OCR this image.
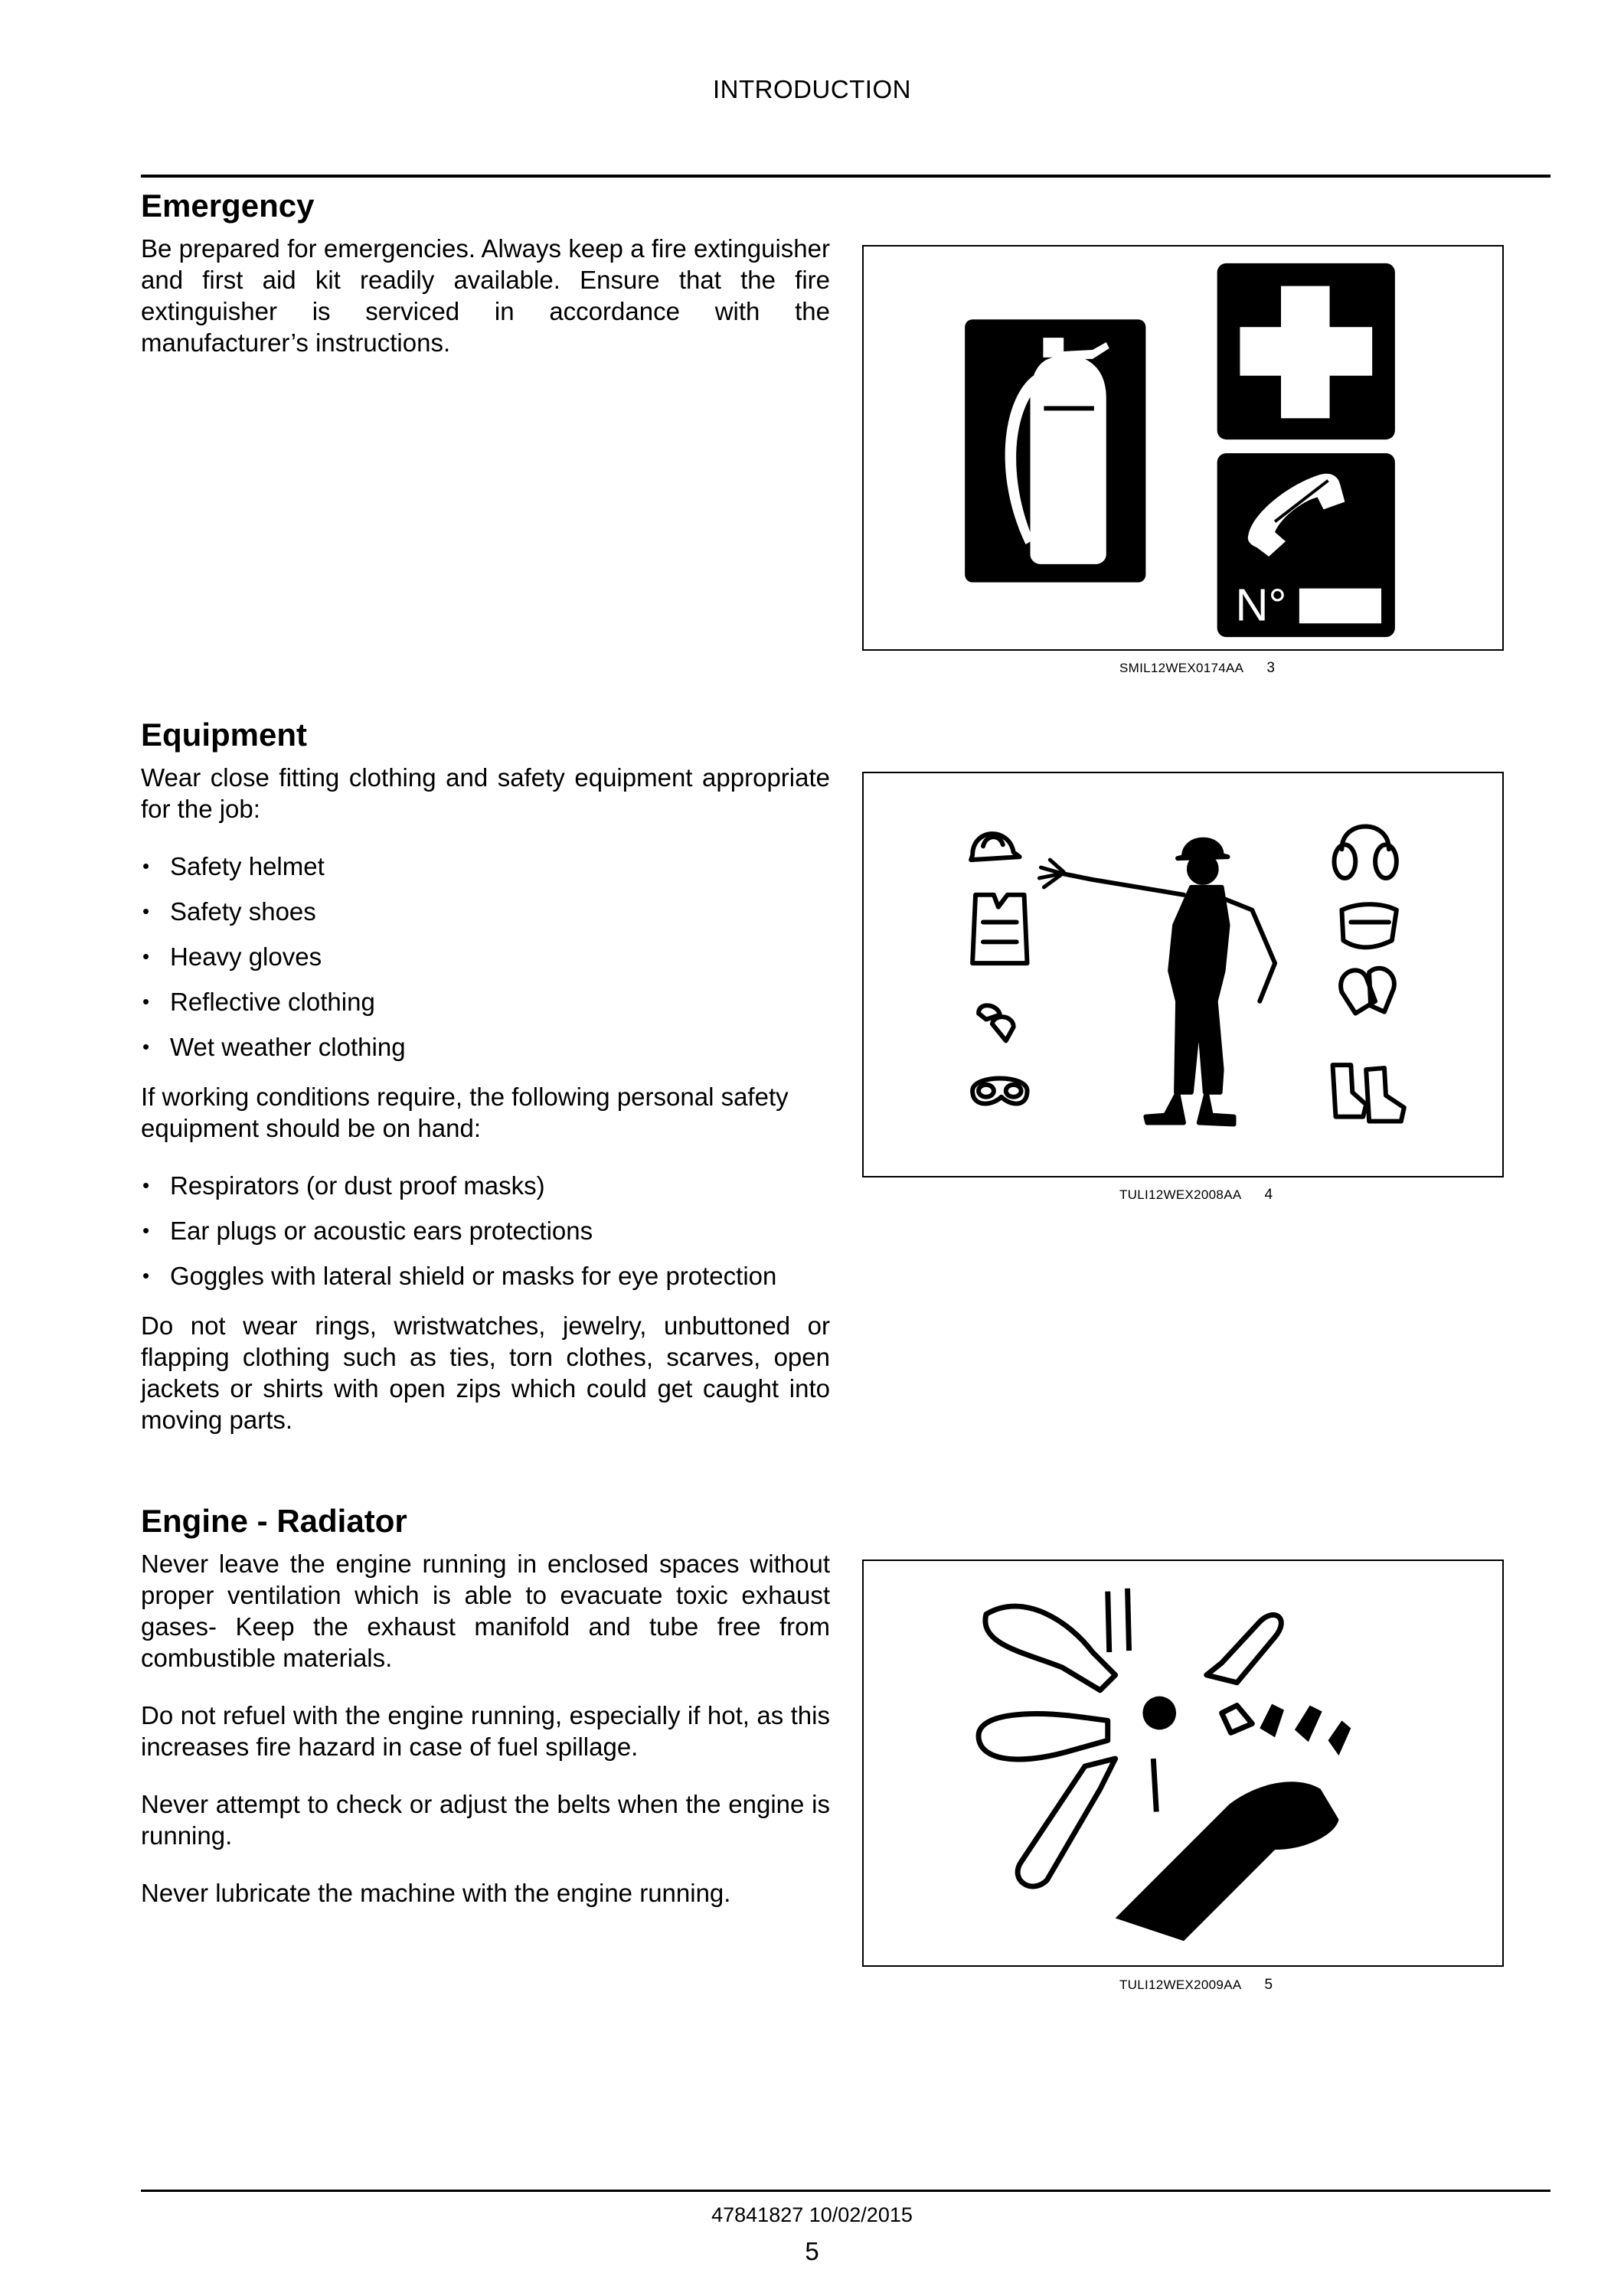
INTRODUCTION
Emergency

Be prepared for emergencies. Always keep a fire extinguisher and first aid kit readily available. Ensure that the fire extinguisher is serviced in accordance with the manufacturer’s instructions.

N°
SMIL12WEX0174AA 3
Equipment

Wear close fitting clothing and safety equipment appropriate for the job:

• Safety helmet
• Safety shoes
• Heavy gloves
• Reflective clothing
• Wet weather clothing

If working conditions require, the following personal safety equipment should be on hand:

• Respirators (or dust proof masks)
• Ear plugs or acoustic ears protections
• Goggles with lateral shield or masks for eye protection

Do not wear rings, wristwatches, jewelry, unbuttoned or flapping clothing such as ties, torn clothes, scarves, open jackets or shirts with open zips which could get caught into moving parts.

TULI12WEX2008AA 4
Engine - Radiator

Never leave the engine running in enclosed spaces without proper ventilation which is able to evacuate toxic exhaust gases- Keep the exhaust manifold and tube free from combustible materials.

Do not refuel with the engine running, especially if hot, as this increases fire hazard in case of fuel spillage.

Never attempt to check or adjust the belts when the engine is running.

Never lubricate the machine with the engine running.

TULI12WEX2009AA 5
47841827 10/02/2015
5
